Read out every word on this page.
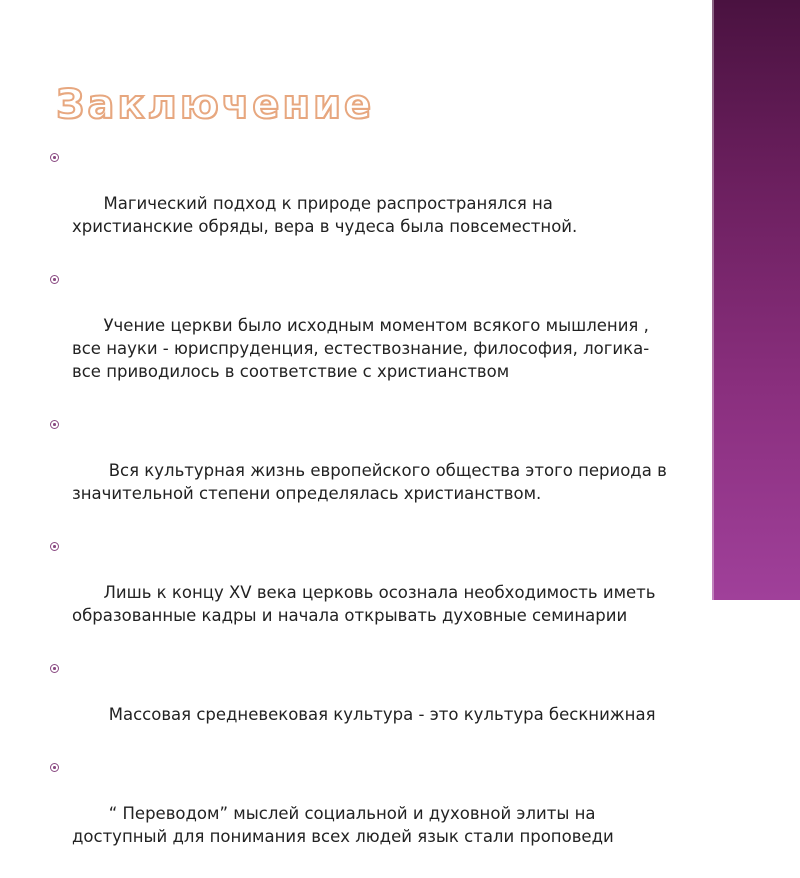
Заключение

Магический подход к природе распространялся на христианские обряды, вера в чудеса была повсеместной.

Учение церкви было исходным моментом всякого мышления , все науки - юриспруденция, естествознание, философия, логика- все приводилось в соответствие с христианством

Вся культурная жизнь европейского общества этого периода в значительной степени определялась христианством.

Лишь к концу XV века церковь осознала необходимость иметь образованные кадры и начала открывать духовные семинарии

Массовая средневековая культура - это культура бескнижная

“ Переводом” мыслей социальной и духовной элиты на доступный для понимания всех людей язык стали проповеди
